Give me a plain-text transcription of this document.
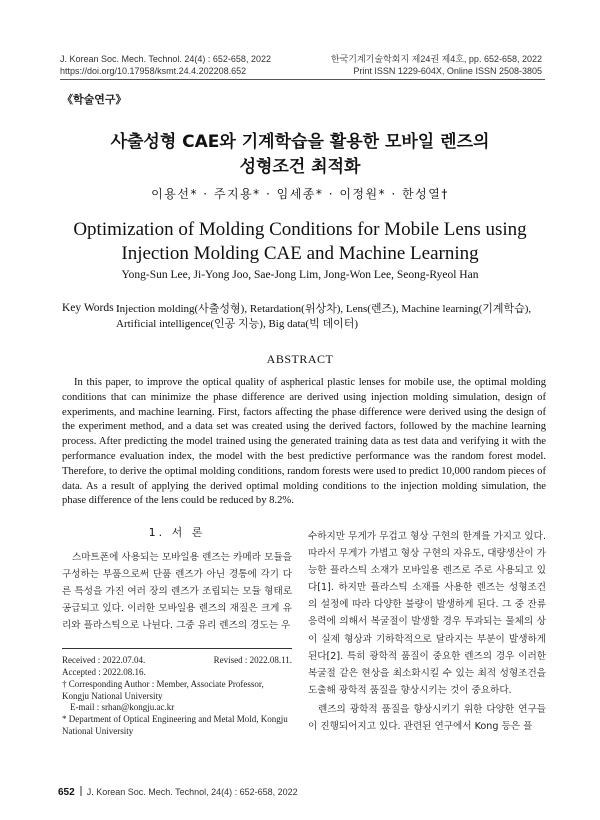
J. Korean Soc. Mech. Technol. 24(4) : 652-658, 2022
https://doi.org/10.17958/ksmt.24.4.202208.652
한국기계기술학회지 제24권 제4호, pp. 652-658, 2022
Print ISSN 1229-604X, Online ISSN 2508-3805
《학술연구》
사출성형 CAE와 기계학습을 활용한 모바일 렌즈의
성형조건 최적화
이용선* · 주지용* · 임세종* · 이정원* · 한성열†
Optimization of Molding Conditions for Mobile Lens using
Injection Molding CAE and Machine Learning
Yong-Sun Lee, Ji-Yong Joo, Sae-Jong Lim, Jong-Won Lee, Seong-Ryeol Han
Key Words :
Injection molding(사출성형), Retardation(위상차), Lens(렌즈), Machine learning(기계학습), Artificial intelligence(인공 지능), Big data(빅 데이터)
ABSTRACT
In this paper, to improve the optical quality of aspherical plastic lenses for mobile use, the optimal molding conditions that can minimize the phase difference are derived using injection molding simulation, design of experiments, and machine learning. First, factors affecting the phase difference were derived using the design of the experiment method, and a data set was created using the derived factors, followed by the machine learning process. After predicting the model trained using the generated training data as test data and verifying it with the performance evaluation index, the model with the best predictive performance was the random forest model. Therefore, to derive the optimal molding conditions, random forests were used to predict 10,000 random pieces of data. As a result of applying the derived optimal molding conditions to the injection molding simulation, the phase difference of the lens could be reduced by 8.2%.
1. 서 론
스마트폰에 사용되는 모바일용 렌즈는 카메라 모듈을 구성하는 부품으로써 단품 렌즈가 아닌 경통에 각기 다른 특성을 가진 여러 장의 렌즈가 조립되는 모듈 형태로 공급되고 있다. 이러한 모바일용 렌즈의 재질은 크게 유리와 플라스틱으로 나뉜다. 그중 유리 렌즈의 경도는 우

수하지만 무게가 무겁고 형상 구현의 한계를 가지고 있다. 따라서 무게가 가볍고 형상 구현의 자유도, 대량생산이 가능한 플라스틱 소재가 모바일용 렌즈로 주로 사용되고 있다[1]. 하지만 플라스틱 소재를 사용한 렌즈는 성형조건의 설정에 따라 다양한 불량이 발생하게 된다. 그 중 잔류응력에 의해서 복굴절이 발생할 경우 투과되는 물체의 상이 실제 형상과 기하학적으로 달라지는 부분이 발생하게 된다[2]. 특히 광학적 품질이 중요한 렌즈의 경우 이러한 복굴절 같은 현상을 최소화시킬 수 있는 최적 성형조건을 도출해 광학적 품질을 향상시키는 것이 중요하다.

렌즈의 광학적 품질을 향상시키기 위한 다양한 연구들이 진행되어지고 있다. 관련된 연구에서 Kong 등은 플

Received : 2022.07.04.	Revised : 2022.08.11.
Accepted : 2022.08.16.
† Corresponding Author : Member, Associate Professor, Kongju National University
E-mail : srhan@kongju.ac.kr
* Department of Optical Engineering and Metal Mold, Kongju National University
652 J. Korean Soc. Mech. Technol, 24(4) : 652-658, 2022
